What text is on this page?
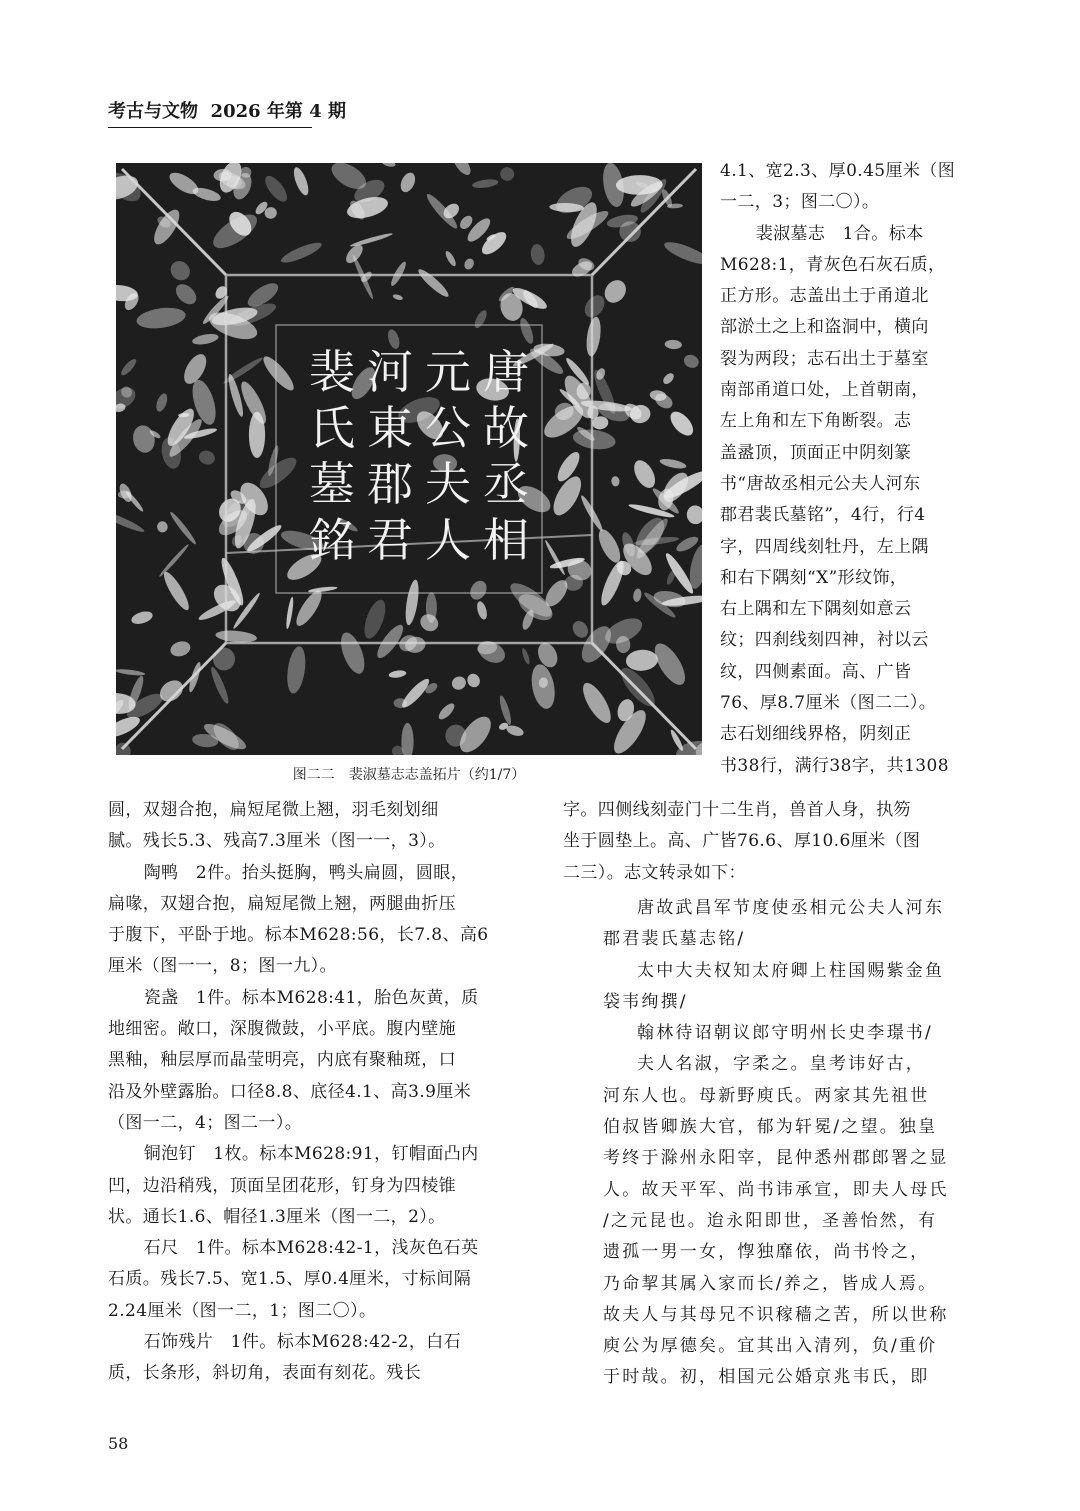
考古与文物 2026 年第 4 期
唐
故
丞
相
元
公
夫
人
河
東
郡
君
裴
氏
墓
銘
图二二　裴淑墓志志盖拓片（约1/7）

4.1、宽2.3、厚0.45厘米（图

一二，3；图二〇）。

裴淑墓志　1合。标本

M628:1，青灰色石灰石质，

正方形。志盖出土于甬道北

部淤土之上和盗洞中，横向

裂为两段；志石出土于墓室

南部甬道口处，上首朝南，

左上角和左下角断裂。志

盖盝顶，顶面正中阴刻篆

书“唐故丞相元公夫人河东

郡君裴氏墓铭”，4行，行4

字，四周线刻牡丹，左上隅

和右下隅刻“X”形纹饰，

右上隅和左下隅刻如意云

纹；四刹线刻四神，衬以云

纹，四侧素面。高、广皆

76、厚8.7厘米（图二二）。

志石划细线界格，阴刻正

书38行，满行38字，共1308

圆，双翅合抱，扁短尾微上翘，羽毛刻划细

腻。残长5.3、残高7.3厘米（图一一，3）。

陶鸭　2件。抬头挺胸，鸭头扁圆，圆眼，

扁喙，双翅合抱，扁短尾微上翘，两腿曲折压

于腹下，平卧于地。标本M628:56，长7.8、高6

厘米（图一一，8；图一九）。

瓷盏　1件。标本M628:41，胎色灰黄，质

地细密。敞口，深腹微鼓，小平底。腹内壁施

黑釉，釉层厚而晶莹明亮，内底有聚釉斑，口

沿及外壁露胎。口径8.8、底径4.1、高3.9厘米

（图一二，4；图二一）。

铜泡钉　1枚。标本M628:91，钉帽面凸内

凹，边沿稍残，顶面呈团花形，钉身为四棱锥

状。通长1.6、帽径1.3厘米（图一二，2）。

石尺　1件。标本M628:42-1，浅灰色石英

石质。残长7.5、宽1.5、厚0.4厘米，寸标间隔

2.24厘米（图一二，1；图二〇）。

石饰残片　1件。标本M628:42-2，白石

质，长条形，斜切角，表面有刻花。残长

字。四侧线刻壶门十二生肖，兽首人身，执笏

坐于圆垫上。高、广皆76.6、厚10.6厘米（图

二三）。志文转录如下：

唐故武昌军节度使丞相元公夫人河东

郡君裴氏墓志铭/

太中大夫权知太府卿上柱国赐紫金鱼

袋韦绚撰/

翰林待诏朝议郎守明州长史李璟书/

夫人名淑，字柔之。皇考讳好古，

河东人也。母新野庾氏。两家其先祖世

伯叔皆卿族大官，郁为轩冕/之望。独皇

考终于滁州永阳宰，昆仲悉州郡郎署之显

人。故天平军、尚书讳承宣，即夫人母氏

/之元昆也。迨永阳即世，圣善怡然，有

遗孤一男一女，惸独靡依，尚书怜之，

乃命挈其属入家而长/养之，皆成人焉。

故夫人与其母兄不识稼穑之苦，所以世称

庾公为厚德矣。宜其出入清列，负/重价

于时哉。初，相国元公婚京兆韦氏，即

58
